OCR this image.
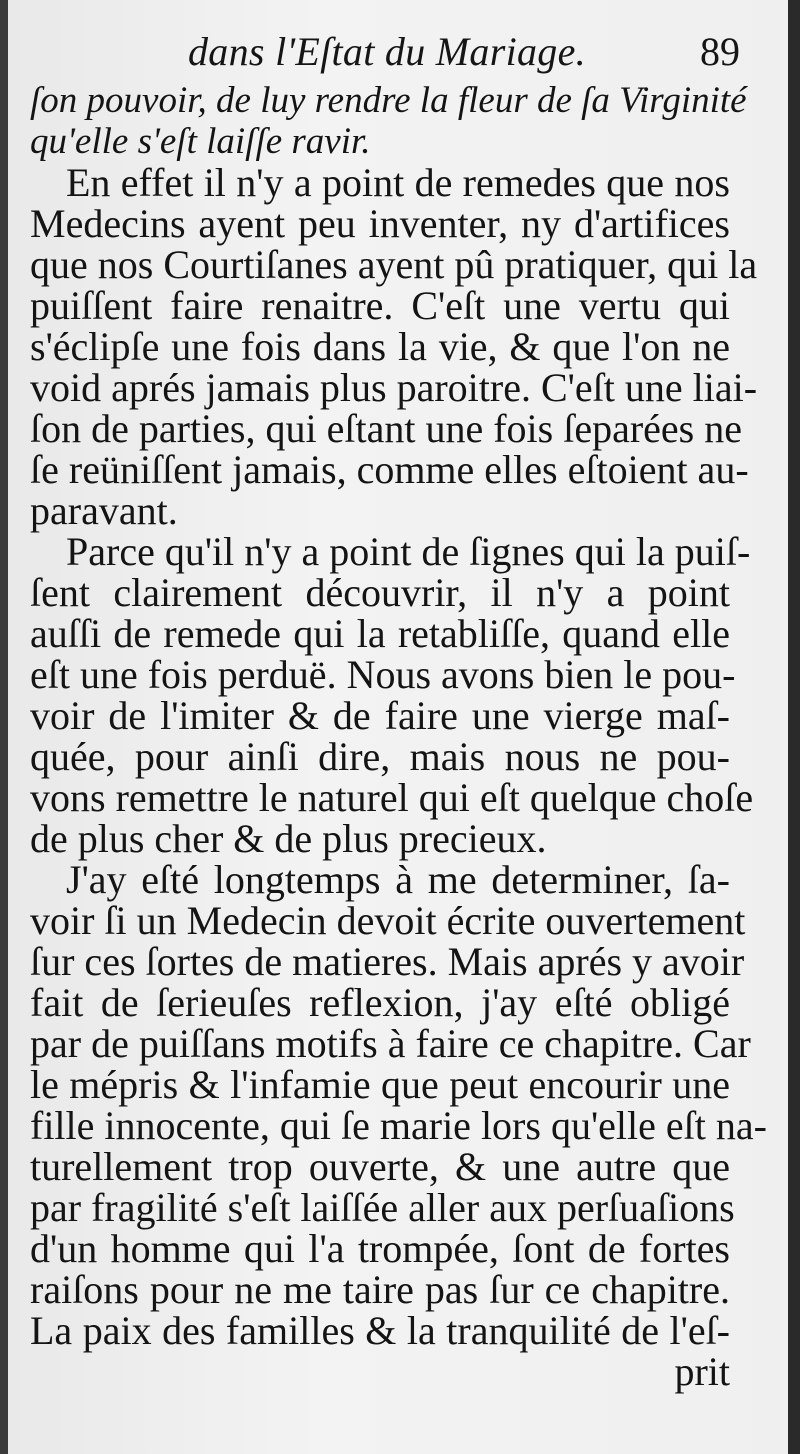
dans l'Eſtat du Mariage.	89
ſon pouvoir, de luy rendre la fleur de ſa Virginité
qu'elle s'eſt laiſſe ravir.
En effet il n'y a point de remedes que nos
Medecins ayent peu inventer, ny d'artifices
que nos Courtiſanes ayent pû pratiquer, qui la
puiſſent faire renaitre. C'eſt une vertu qui
s'éclipſe une fois dans la vie, & que l'on ne
void aprés jamais plus paroitre. C'eſt une liai-
ſon de parties, qui eſtant une fois ſeparées ne
ſe reüniſſent jamais, comme elles eſtoient au-
paravant.
Parce qu'il n'y a point de ſignes qui la puiſ-
ſent clairement découvrir, il n'y a point
auſſi de remede qui la retabliſſe, quand elle
eſt une fois perduë. Nous avons bien le pou-
voir de l'imiter & de faire une vierge maſ-
quée, pour ainſi dire, mais nous ne pou-
vons remettre le naturel qui eſt quelque choſe
de plus cher & de plus precieux.
J'ay eſté longtemps à me determiner, ſa-
voir ſi un Medecin devoit écrite ouvertement
ſur ces ſortes de matieres. Mais aprés y avoir
fait de ſerieuſes reflexion, j'ay eſté obligé
par de puiſſans motifs à faire ce chapitre. Car
le mépris & l'infamie que peut encourir une
fille innocente, qui ſe marie lors qu'elle eſt na-
turellement trop ouverte, & une autre que
par fragilité s'eſt laiſſée aller aux perſuaſions
d'un homme qui l'a trompée, ſont de fortes
raiſons pour ne me taire pas ſur ce chapitre.
La paix des familles & la tranquilité de l'eſ-
prit
